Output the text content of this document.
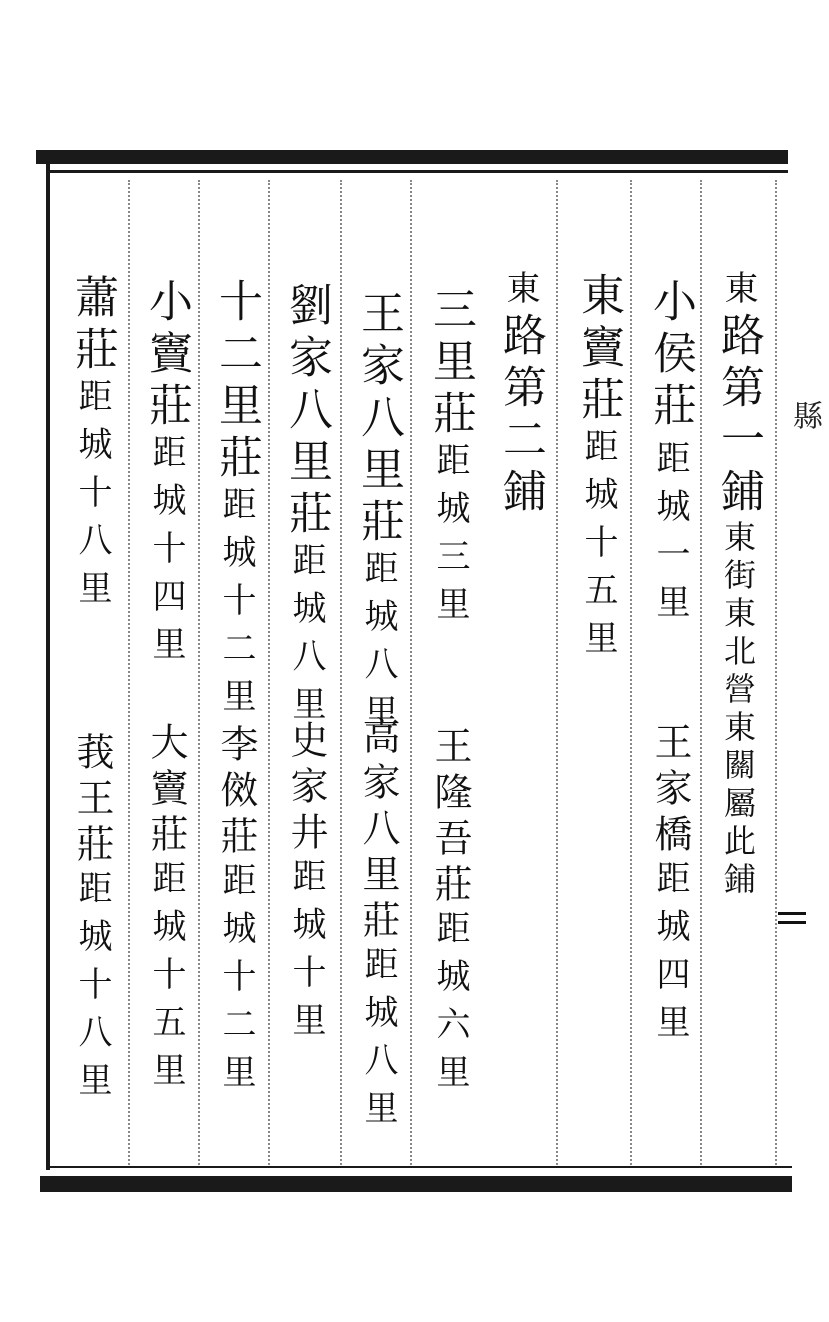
縣
東路第一鋪東街東北營東關屬此鋪
小侯莊距城一里
王家橋距城四里
東竇莊距城十五里
東路第二鋪
三里莊距城三里
王隆吾莊距城六里
王家八里莊距城八里
高家八里莊距城八里
劉家八里莊距城八里
史家井距城十里
十二里莊距城十二里
李傚莊距城十二里
小竇莊距城十四里
大竇莊距城十五里
蕭莊距城十八里
莪王莊距城十八里
